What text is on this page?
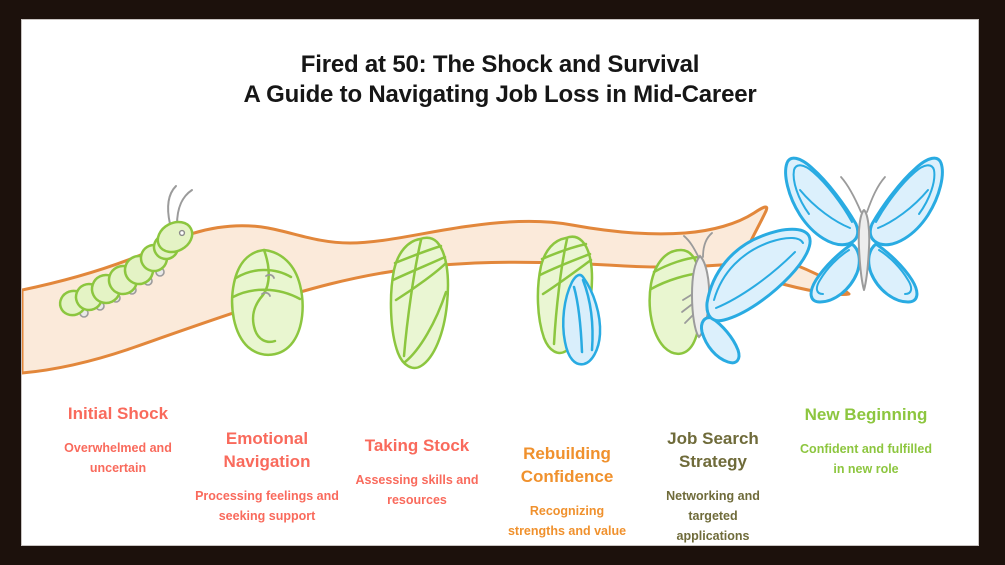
Fired at 50: The Shock and Survival
A Guide to Navigating Job Loss in Mid-Career
Initial Shock

Overwhelmed and uncertain

Emotional Navigation

Processing feelings and seeking support

Taking Stock

Assessing skills and resources

Rebuilding Confidence

Recognizing strengths and value

Job Search Strategy

Networking and targeted applications

New Beginning

Confident and fulfilled in new role
